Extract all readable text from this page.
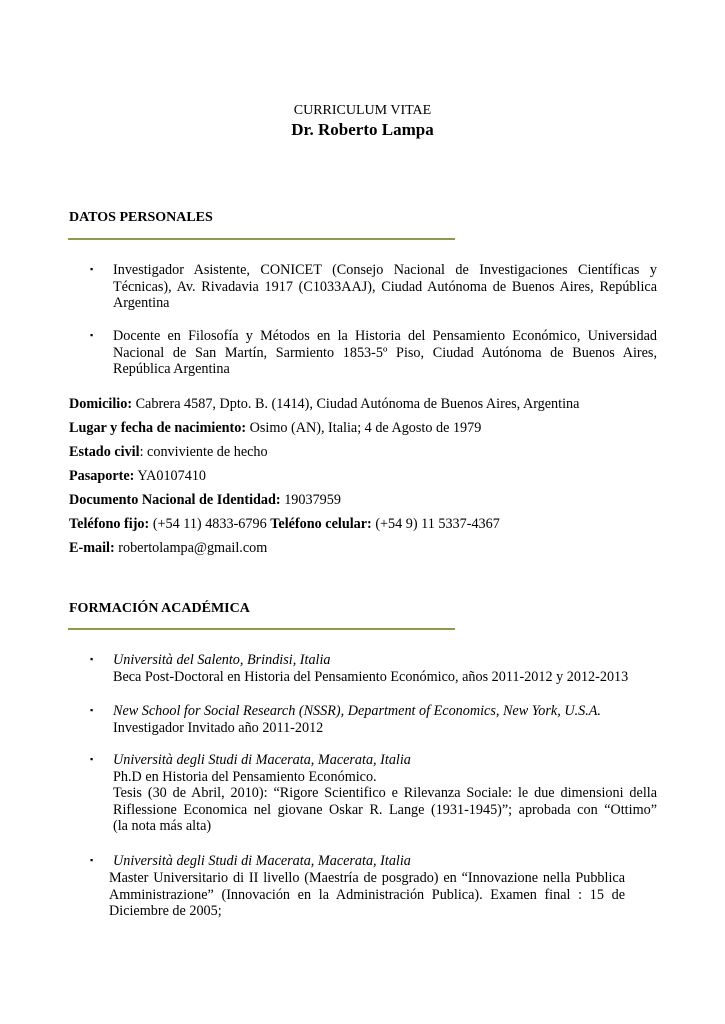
CURRICULUM VITAE
Dr. Roberto Lampa
DATOS PERSONALES
▪ Investigador Asistente, CONICET (Consejo Nacional de Investigaciones Científicas y
Técnicas), Av. Rivadavia 1917 (C1033AAJ), Ciudad Autónoma de Buenos Aires, República
Argentina
▪ Docente en Filosofía y Métodos en la Historia del Pensamiento Económico, Universidad
Nacional de San Martín, Sarmiento 1853-5º Piso, Ciudad Autónoma de Buenos Aires,
República Argentina
Domicilio: Cabrera 4587, Dpto. B. (1414), Ciudad Autónoma de Buenos Aires, Argentina
Lugar y fecha de nacimiento: Osimo (AN), Italia; 4 de Agosto de 1979
Estado civil: conviviente de hecho
Pasaporte: YA0107410
Documento Nacional de Identidad: 19037959
Teléfono fijo: (+54 11) 4833-6796 Teléfono celular: (+54 9) 11 5337-4367
E-mail: robertolampa@gmail.com
FORMACIÓN ACADÉMICA
▪ Università del Salento, Brindisi, Italia
Beca Post-Doctoral en Historia del Pensamiento Económico, años 2011-2012 y 2012-2013
▪ New School for Social Research (NSSR), Department of Economics, New York, U.S.A.
Investigador Invitado año 2011-2012
▪ Università degli Studi di Macerata, Macerata, Italia
Ph.D en Historia del Pensamiento Económico.
Tesis (30 de Abril, 2010): “Rigore Scientifico e Rilevanza Sociale: le due dimensioni della
Riflessione Economica nel giovane Oskar R. Lange (1931-1945)”; aprobada con “Ottimo”
(la nota más alta)
▪ Università degli Studi di Macerata, Macerata, Italia
Master Universitario di II livello (Maestría de posgrado) en “Innovazione nella Pubblica
Amministrazione” (Innovación en la Administración Publica). Examen final : 15 de
Diciembre de 2005;
